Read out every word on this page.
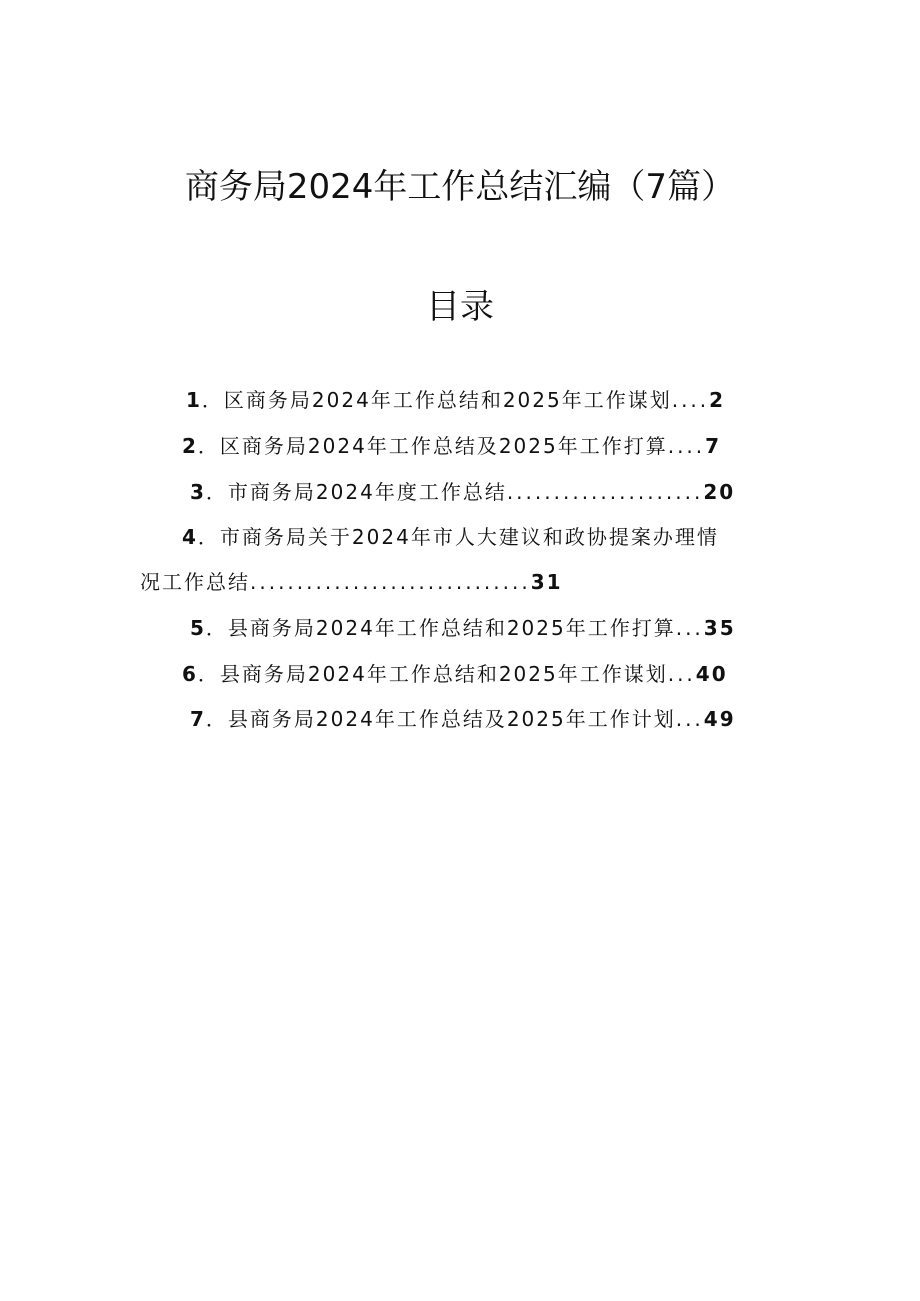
商务局2024年工作总结汇编（7篇）
目录
1．区商务局2024年工作总结和2025年工作谋划....2
2．区商务局2024年工作总结及2025年工作打算....7
3．市商务局2024年度工作总结.....................20
4．市商务局关于2024年市人大建议和政协提案办理情
况工作总结..............................31
5．县商务局2024年工作总结和2025年工作打算...35
6．县商务局2024年工作总结和2025年工作谋划...40
7．县商务局2024年工作总结及2025年工作计划...49
